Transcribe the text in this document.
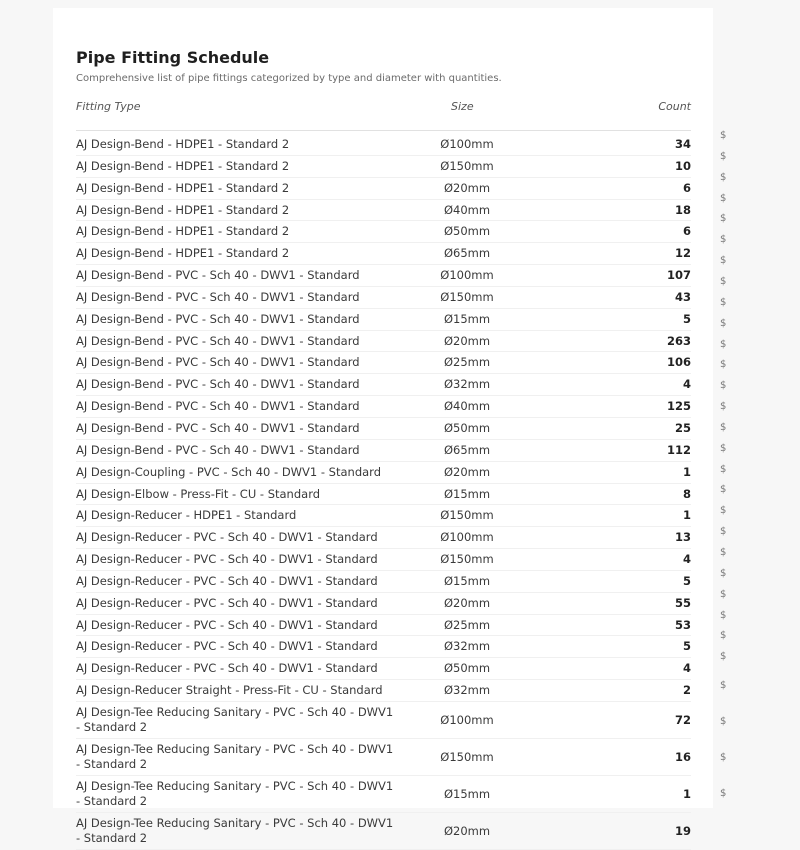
Pipe Fitting Schedule

Comprehensive list of pipe fittings categorized by type and diameter with quantities.

Fitting Type	Size	Count
AJ Design-Bend - HDPE1 - Standard 2	Ø100mm	34
AJ Design-Bend - HDPE1 - Standard 2	Ø150mm	10
AJ Design-Bend - HDPE1 - Standard 2	Ø20mm	6
AJ Design-Bend - HDPE1 - Standard 2	Ø40mm	18
AJ Design-Bend - HDPE1 - Standard 2	Ø50mm	6
AJ Design-Bend - HDPE1 - Standard 2	Ø65mm	12
AJ Design-Bend - PVC - Sch 40 - DWV1 - Standard	Ø100mm	107
AJ Design-Bend - PVC - Sch 40 - DWV1 - Standard	Ø150mm	43
AJ Design-Bend - PVC - Sch 40 - DWV1 - Standard	Ø15mm	5
AJ Design-Bend - PVC - Sch 40 - DWV1 - Standard	Ø20mm	263
AJ Design-Bend - PVC - Sch 40 - DWV1 - Standard	Ø25mm	106
AJ Design-Bend - PVC - Sch 40 - DWV1 - Standard	Ø32mm	4
AJ Design-Bend - PVC - Sch 40 - DWV1 - Standard	Ø40mm	125
AJ Design-Bend - PVC - Sch 40 - DWV1 - Standard	Ø50mm	25
AJ Design-Bend - PVC - Sch 40 - DWV1 - Standard	Ø65mm	112
AJ Design-Coupling - PVC - Sch 40 - DWV1 - Standard	Ø20mm	1
AJ Design-Elbow - Press-Fit - CU - Standard	Ø15mm	8
AJ Design-Reducer - HDPE1 - Standard	Ø150mm	1
AJ Design-Reducer - PVC - Sch 40 - DWV1 - Standard	Ø100mm	13
AJ Design-Reducer - PVC - Sch 40 - DWV1 - Standard	Ø150mm	4
AJ Design-Reducer - PVC - Sch 40 - DWV1 - Standard	Ø15mm	5
AJ Design-Reducer - PVC - Sch 40 - DWV1 - Standard	Ø20mm	55
AJ Design-Reducer - PVC - Sch 40 - DWV1 - Standard	Ø25mm	53
AJ Design-Reducer - PVC - Sch 40 - DWV1 - Standard	Ø32mm	5
AJ Design-Reducer - PVC - Sch 40 - DWV1 - Standard	Ø50mm	4
AJ Design-Reducer Straight - Press-Fit - CU - Standard	Ø32mm	2
AJ Design-Tee Reducing Sanitary - PVC - Sch 40 - DWV1 - Standard 2	Ø100mm	72
AJ Design-Tee Reducing Sanitary - PVC - Sch 40 - DWV1 - Standard 2	Ø150mm	16
AJ Design-Tee Reducing Sanitary - PVC - Sch 40 - DWV1 - Standard 2	Ø15mm	1
AJ Design-Tee Reducing Sanitary - PVC - Sch 40 - DWV1 - Standard 2	Ø20mm	19
$
$
$
$
$
$
$
$
$
$
$
$
$
$
$
$
$
$
$
$
$
$
$
$
$
$
$
$
$
$
